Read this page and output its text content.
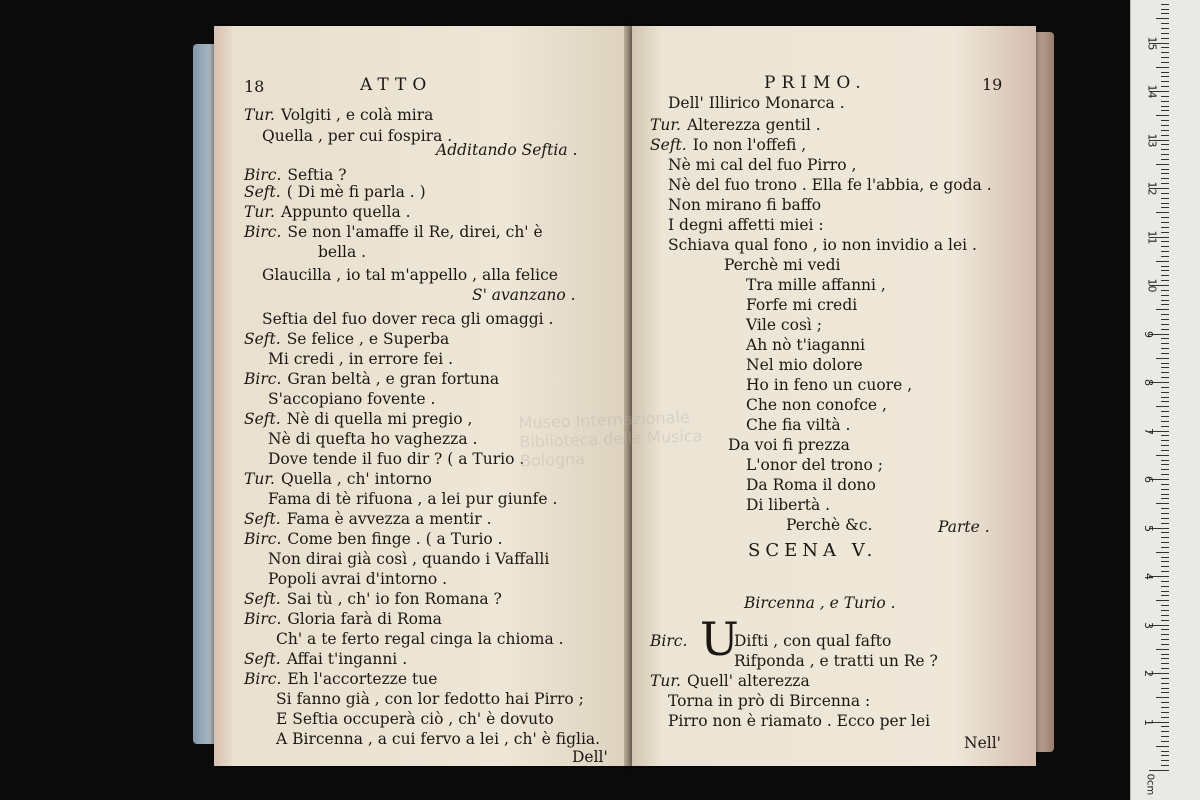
18	ATTO
Tur. Volgiti , e colà mira
Quella , per cui fospira .
Additando Seftia .
Birc. Seftia ?
Seft. ( Di mè fi parla . )
Tur. Appunto quella .
Birc. Se non l'amaffe il Re, direi, ch' è
bella .
Glaucilla , io tal m'appello , alla felice
S' avanzano .
Seftia del fuo dover reca gli omaggi .
Seft. Se felice , e Superba
Mi credi , in errore fei .
Birc. Gran beltà , e gran fortuna
S'accopiano fovente .
Seft. Nè di quella mi pregio ,
Nè di quefta ho vaghezza .
Dove tende il fuo dir ? ( a Turio .
Tur. Quella , ch' intorno
Fama di tè rifuona , a lei pur giunfe .
Seft. Fama è avvezza a mentir .
Birc. Come ben finge . ( a Turio .
Non dirai già così , quando i Vaffalli
Popoli avrai d'intorno .
Seft. Sai tù , ch' io fon Romana ?
Birc. Gloria farà di Roma
Ch' a te ferto regal cinga la chioma .
Seft. Affai t'inganni .
Birc. Eh l'accortezze tue
Si fanno già , con lor fedotto hai Pirro ;
E Seftia occuperà ciò , ch' è dovuto
A Bircenna , a cui fervo a lei , ch' è figlia.
Dell'
PRIMO.	19
SCENA V.
U
Dell' Illirico Monarca .
Tur. Alterezza gentil .
Seft. Io non l'offefi ,
Nè mi cal del fuo Pirro ,
Nè del fuo trono . Ella fe l'abbia, e goda .
Non mirano fi baffo
I degni affetti miei :
Schiava qual fono , io non invidio a lei .
Perchè mi vedi
Tra mille affanni ,
Forfe mi credi
Vile così ;
Ah nò t'iaganni
Nel mio dolore
Ho in feno un cuore ,
Che non conofce ,
Che fia viltà .
Da voi fi prezza
L'onor del trono ;
Da Roma il dono
Di libertà .
Perchè &c.	Parte .
Bircenna , e Turio .
Birc.	Difti , con qual fafto
Rifponda , e tratti un Re ?
Tur. Quell' alterezza
Torna in prò di Bircenna :
Pirro non è riamato . Ecco per lei
Nell'
Museo Internazionale
Biblioteca della Musica
Bologna
0cm
1
2
3
4
5
6
7
8
9
10
11
12
13
14
15
